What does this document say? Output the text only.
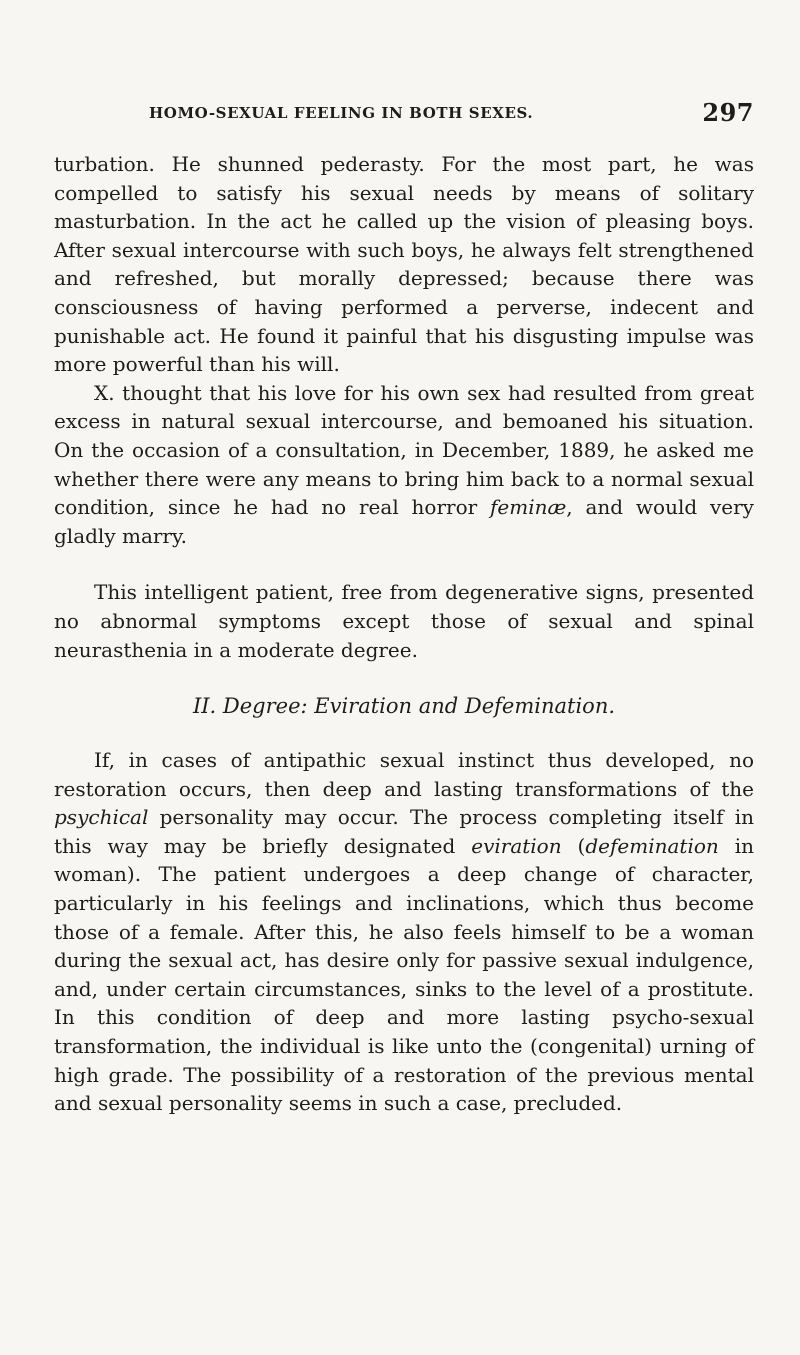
HOMO-SEXUAL FEELING IN BOTH SEXES.	297

turbation. He shunned pederasty. For the most part, he was compelled to satisfy his sexual needs by means of solitary masturbation. In the act he called up the vision of pleasing boys. After sexual intercourse with such boys, he always felt strengthened and refreshed, but morally depressed; because there was consciousness of having performed a perverse, indecent and punishable act. He found it painful that his disgusting impulse was more powerful than his will.

X. thought that his love for his own sex had resulted from great excess in natural sexual intercourse, and bemoaned his situation. On the occasion of a consultation, in December, 1889, he asked me whether there were any means to bring him back to a normal sexual condition, since he had no real horror feminæ, and would very gladly marry.

This intelligent patient, free from degenerative signs, presented no abnormal symptoms except those of sexual and spinal neurasthenia in a moderate degree.

II. Degree: Eviration and Defemination.

If, in cases of antipathic sexual instinct thus developed, no restoration occurs, then deep and lasting transformations of the psychical personality may occur. The process completing itself in this way may be briefly designated eviration (defemination in woman). The patient undergoes a deep change of character, particularly in his feelings and inclinations, which thus become those of a female. After this, he also feels himself to be a woman during the sexual act, has desire only for passive sexual indulgence, and, under certain circumstances, sinks to the level of a prostitute. In this condition of deep and more lasting psycho-sexual transformation, the individual is like unto the (congenital) urning of high grade. The possibility of a restoration of the previous mental and sexual personality seems in such a case, precluded.
